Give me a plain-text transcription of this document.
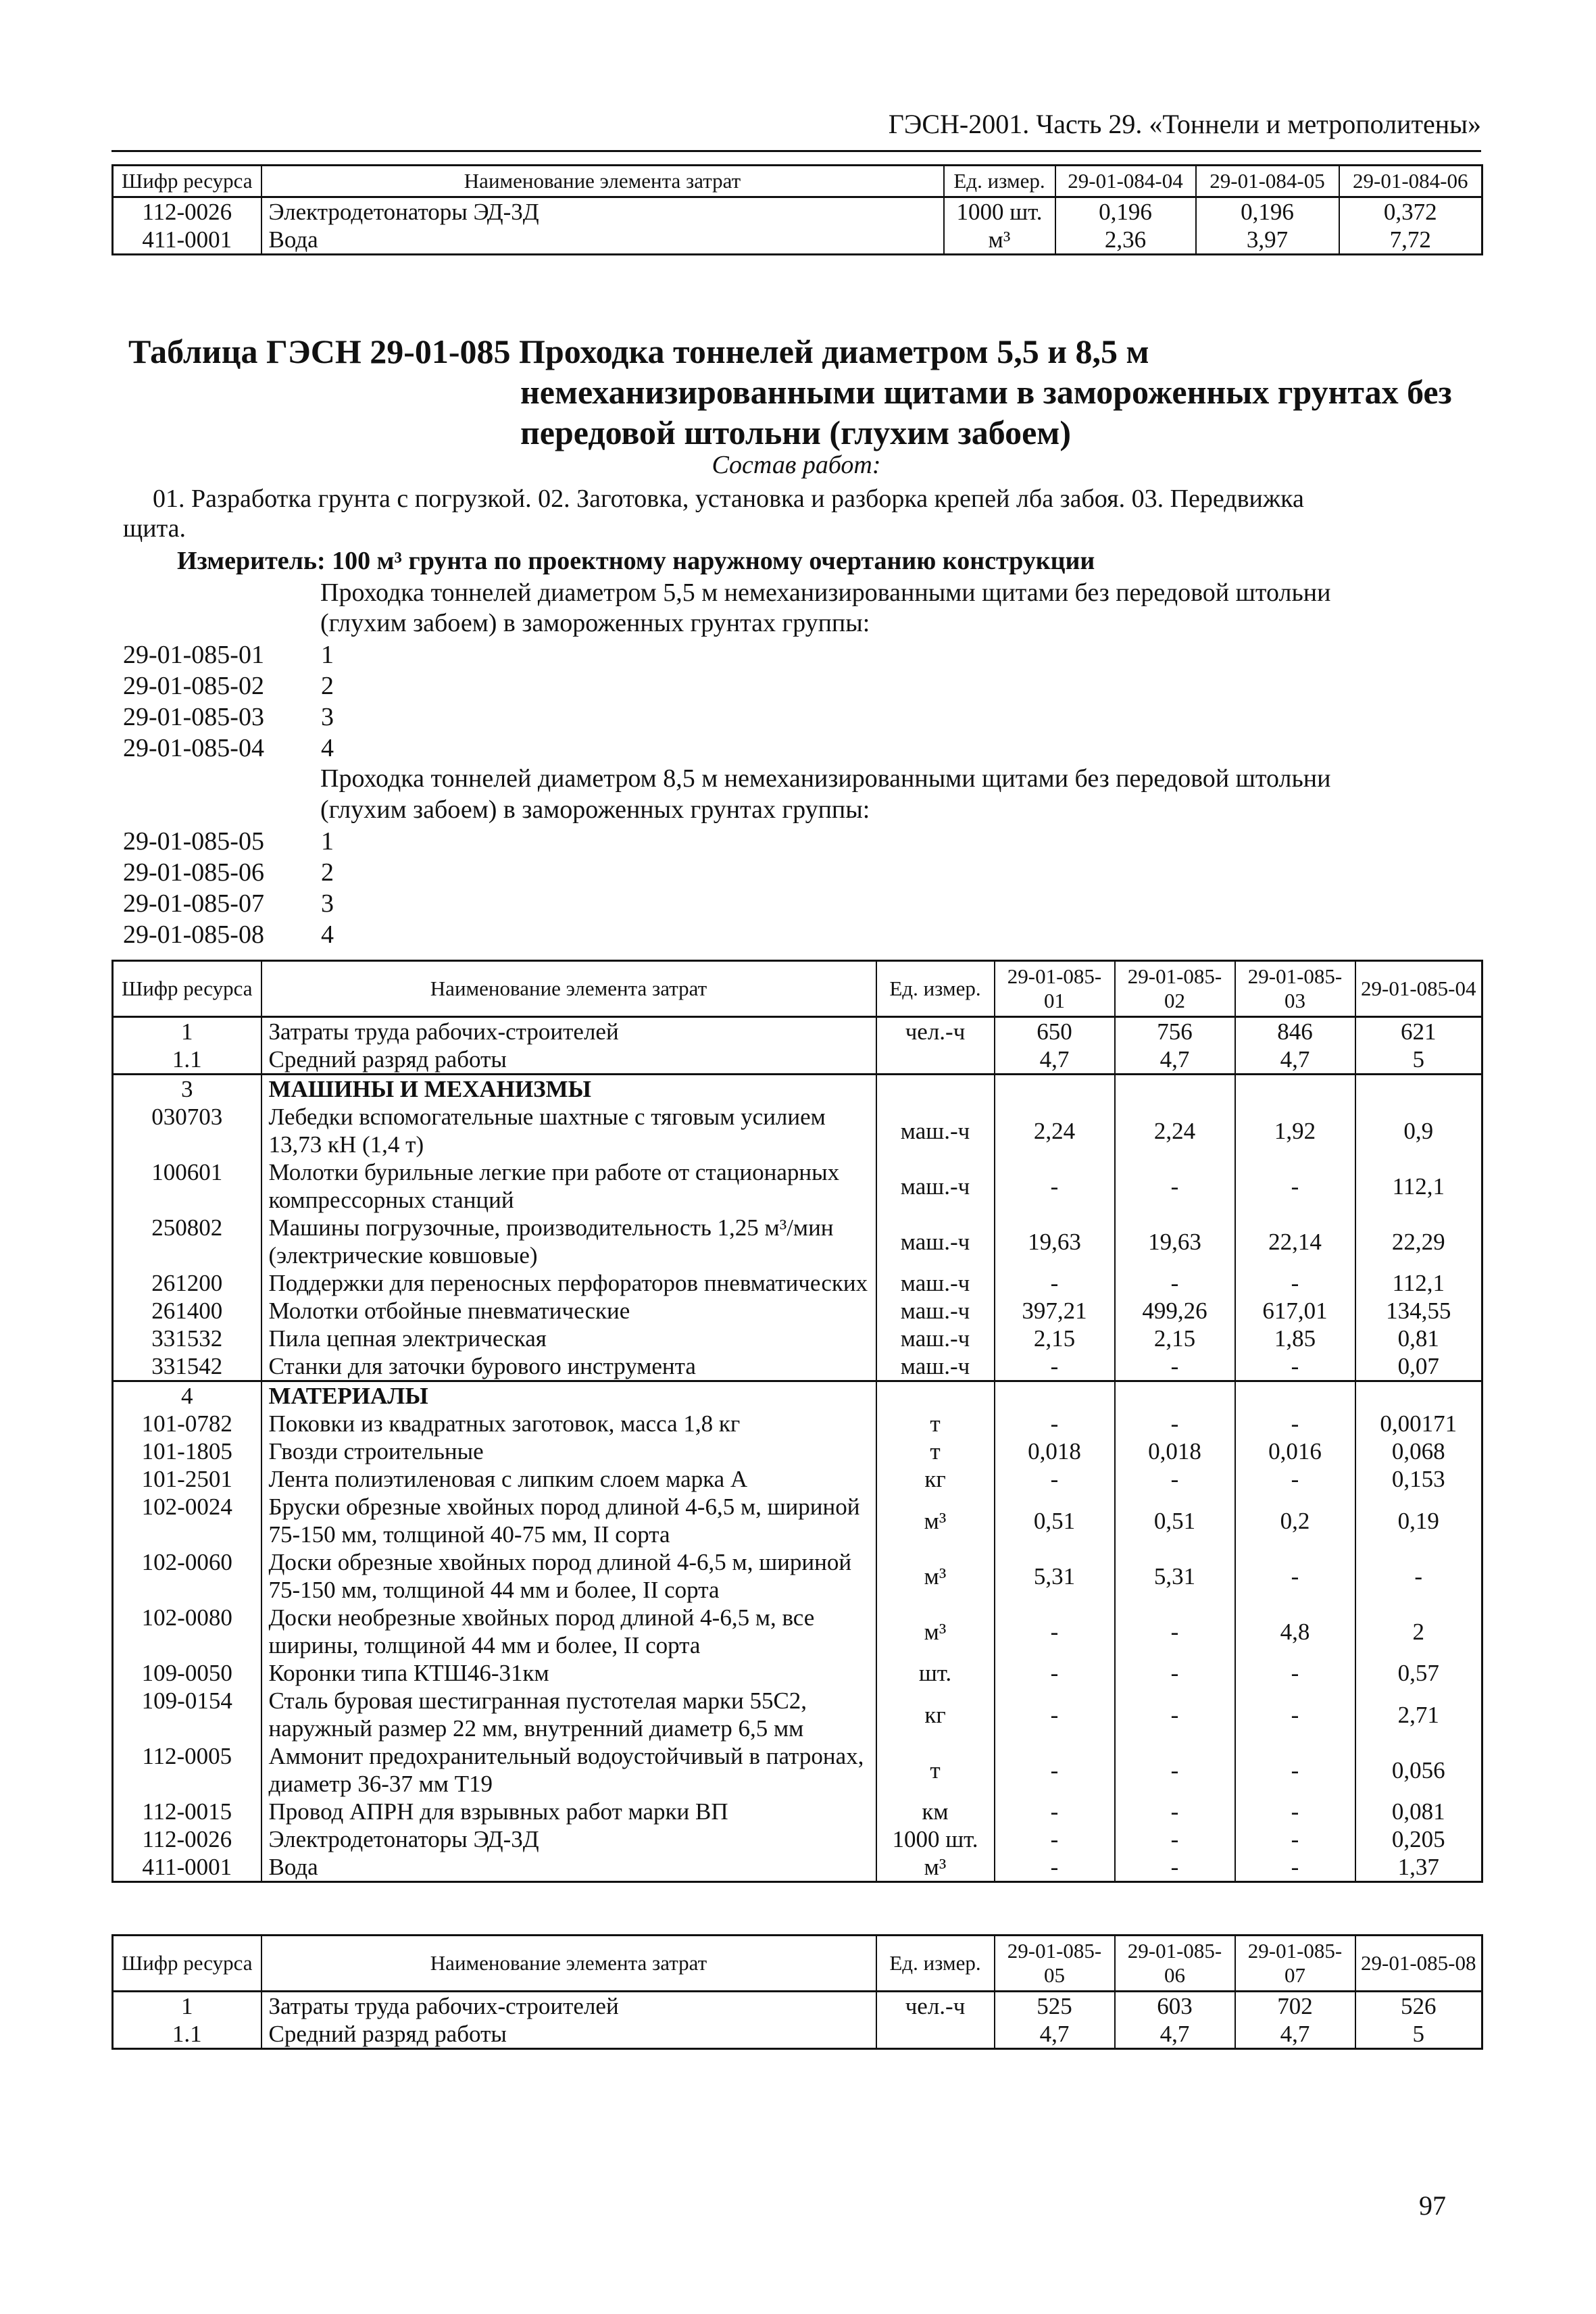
ГЭСН-2001. Часть 29. «Тоннели и метрополитены»
Шифр ресурса	Наименование элемента затрат	Ед. измер.	29-01-084-04	29-01-084-05	29-01-084-06
112-0026	Электродетонаторы ЭД-3Д	1000 шт.	0,196	0,196	0,372
411-0001	Вода	м³	2,36	3,97	7,72
Таблица ГЭСН 29-01-085 Проходка тоннелей диаметром 5,5 и 8,5 м
немеханизированными щитами в замороженных грунтах без
передовой штольни (глухим забоем)
Состав работ:
01. Разработка грунта с погрузкой. 02. Заготовка, установка и разборка крепей лба забоя. 03. Передвижка
щита.
Измеритель: 100 м³ грунта по проектному наружному очертанию конструкции
Проходка тоннелей диаметром 5,5 м немеханизированными щитами без передовой штольни
(глухим забоем) в замороженных грунтах группы:
29-01-085-01	1
29-01-085-02	2
29-01-085-03	3
29-01-085-04	4
Проходка тоннелей диаметром 8,5 м немеханизированными щитами без передовой штольни
(глухим забоем) в замороженных грунтах группы:
29-01-085-05	1
29-01-085-06	2
29-01-085-07	3
29-01-085-08	4
Шифр ресурса	Наименование элемента затрат	Ед. измер.	29-01-085-01	29-01-085-02	29-01-085-03	29-01-085-04
1	Затраты труда рабочих-строителей	чел.-ч	650	756	846	621
1.1	Средний разряд работы		4,7	4,7	4,7	5
3	МАШИНЫ И МЕХАНИЗМЫ					
030703	Лебедки вспомогательные шахтные с тяговым усилием 13,73 кН (1,4 т)	маш.-ч	2,24	2,24	1,92	0,9
100601	Молотки бурильные легкие при работе от стационарных компрессорных станций	маш.-ч	-	-	-	112,1
250802	Машины погрузочные, производительность 1,25 м³/мин (электрические ковшовые)	маш.-ч	19,63	19,63	22,14	22,29
261200	Поддержки для переносных перфораторов пневматических	маш.-ч	-	-	-	112,1
261400	Молотки отбойные пневматические	маш.-ч	397,21	499,26	617,01	134,55
331532	Пила цепная электрическая	маш.-ч	2,15	2,15	1,85	0,81
331542	Станки для заточки бурового инструмента	маш.-ч	-	-	-	0,07
4	МАТЕРИАЛЫ					
101-0782	Поковки из квадратных заготовок, масса 1,8 кг	т	-	-	-	0,00171
101-1805	Гвозди строительные	т	0,018	0,018	0,016	0,068
101-2501	Лента полиэтиленовая с липким слоем марка А	кг	-	-	-	0,153
102-0024	Бруски обрезные хвойных пород длиной 4-6,5 м, шириной 75-150 мм, толщиной 40-75 мм, II сорта	м³	0,51	0,51	0,2	0,19
102-0060	Доски обрезные хвойных пород длиной 4-6,5 м, шириной 75-150 мм, толщиной 44 мм и более, II сорта	м³	5,31	5,31	-	-
102-0080	Доски необрезные хвойных пород длиной 4-6,5 м, все ширины, толщиной 44 мм и более, II сорта	м³	-	-	4,8	2
109-0050	Коронки типа КТШ46-31км	шт.	-	-	-	0,57
109-0154	Сталь буровая шестигранная пустотелая марки 55С2, наружный размер 22 мм, внутренний диаметр 6,5 мм	кг	-	-	-	2,71
112-0005	Аммонит предохранительный водоустойчивый в патронах, диаметр 36-37 мм Т19	т	-	-	-	0,056
112-0015	Провод АПРН для взрывных работ марки ВП	км	-	-	-	0,081
112-0026	Электродетонаторы ЭД-3Д	1000 шт.	-	-	-	0,205
411-0001	Вода	м³	-	-	-	1,37
Шифр ресурса	Наименование элемента затрат	Ед. измер.	29-01-085-05	29-01-085-06	29-01-085-07	29-01-085-08
1	Затраты труда рабочих-строителей	чел.-ч	525	603	702	526
1.1	Средний разряд работы		4,7	4,7	4,7	5
97
